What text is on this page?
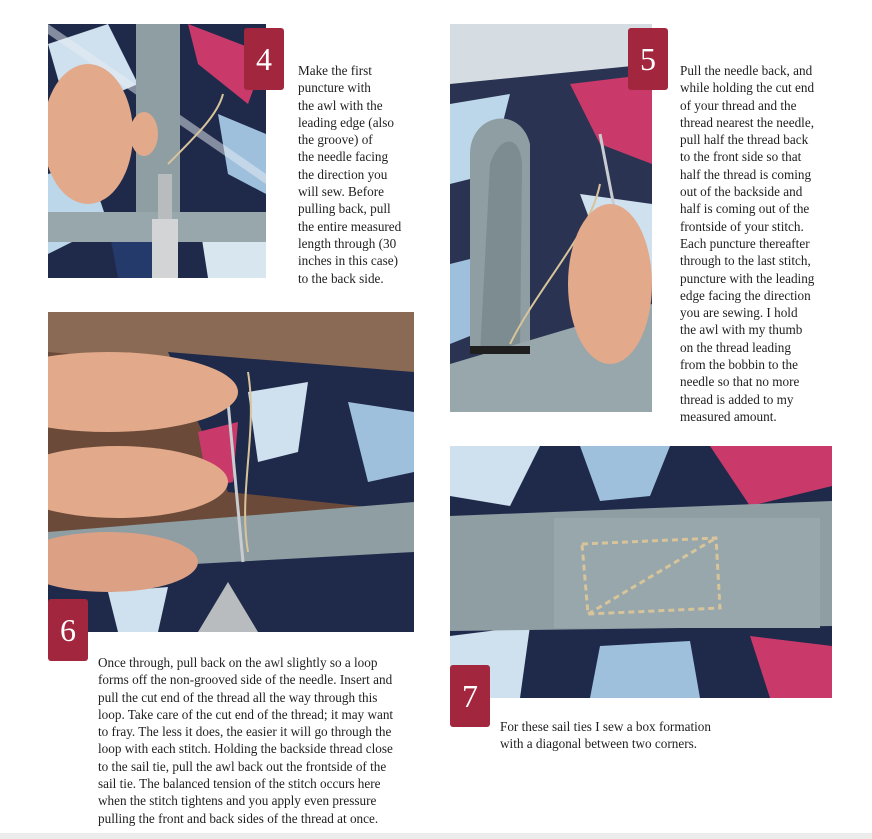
4	Make the first
puncture with
the awl with the
leading edge (also
the groove) of
the needle facing
the direction you
will sew. Before
pulling back, pull
the entire measured
length through (30
inches in this case)
to the back side.

5	Pull the needle back, and
while holding the cut end
of your thread and the
thread nearest the needle,
pull half the thread back
to the front side so that
half the thread is coming
out of the backside and
half is coming out of the
frontside of your stitch.
Each puncture thereafter
through to the last stitch,
puncture with the leading
edge facing the direction
you are sewing. I hold
the awl with my thumb
on the thread leading
from the bobbin to the
needle so that no more
thread is added to my
measured amount.

6

Once through, pull back on the awl slightly so a loop
forms off the non-grooved side of the needle. Insert and
pull the cut end of the thread all the way through this
loop. Take care of the cut end of the thread; it may want
to fray. The less it does, the easier it will go through the
loop with each stitch. Holding the backside thread close
to the sail tie, pull the awl back out the frontside of the
sail tie. The balanced tension of the stitch occurs here
when the stitch tightens and you apply even pressure
pulling the front and back sides of the thread at once.

7

For these sail ties I sew a box formation
with a diagonal between two corners.
